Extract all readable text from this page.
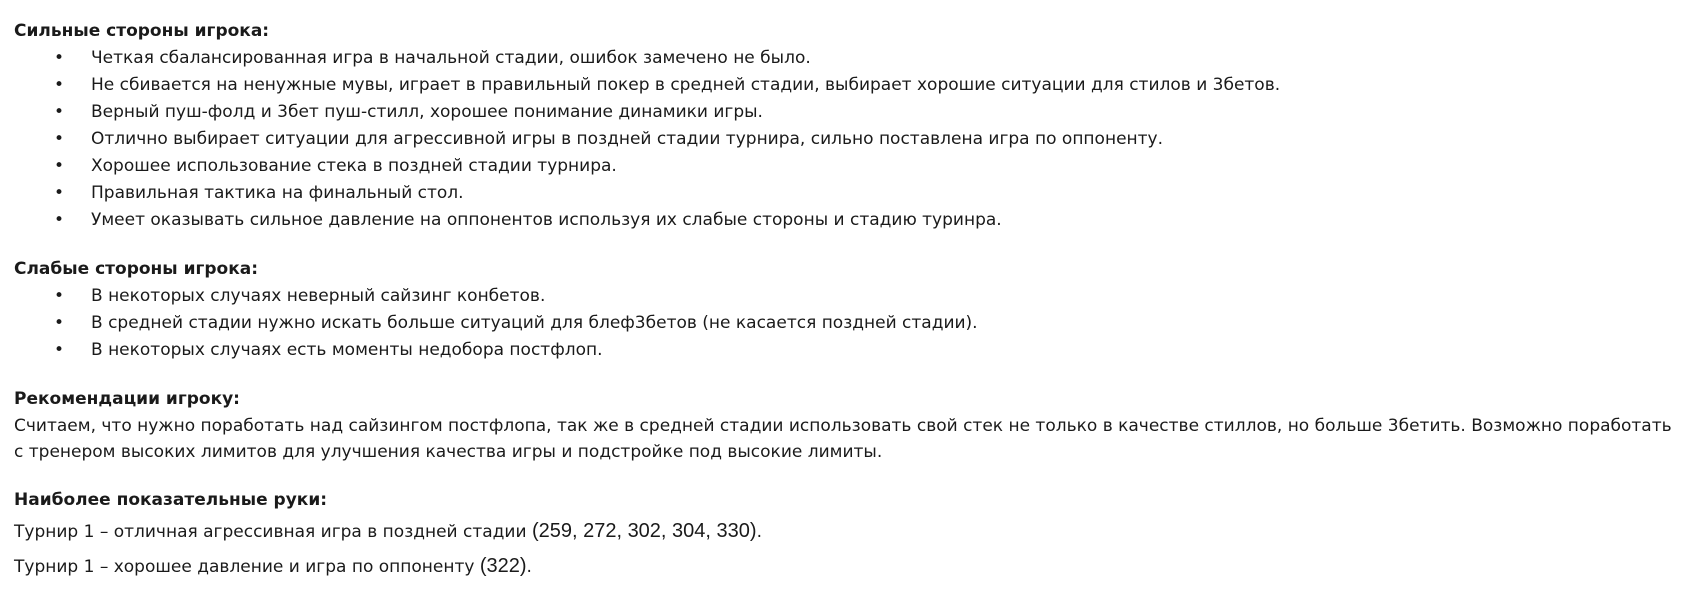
Сильные стороны игрока:

• Четкая сбалансированная игра в начальной стадии, ошибок замечено не было.
• Не сбивается на ненужные мувы, играет в правильный покер в средней стадии, выбирает хорошие ситуации для стилов и 3бетов.
• Верный пуш-фолд и 3бет пуш-стилл, хорошее понимание динамики игры.
• Отлично выбирает ситуации для агрессивной игры в поздней стадии турнира, сильно поставлена игра по оппоненту.
• Хорошее использование стека в поздней стадии турнира.
• Правильная тактика на финальный стол.
• Умеет оказывать сильное давление на оппонентов используя их слабые стороны и стадию туринра.

Слабые стороны игрока:

• В некоторых случаях неверный сайзинг конбетов.
• В средней стадии нужно искать больше ситуаций для блеф3бетов (не касается поздней стадии).
• В некоторых случаях есть моменты недобора постфлоп.

Рекомендации игроку:

Считаем, что нужно поработать над сайзингом постфлопа, так же в средней стадии использовать свой стек не только в качестве стиллов, но больше 3бетить. Возможно поработать с тренером высоких лимитов для улучшения качества игры и подстройке под высокие лимиты.

Наиболее показательные руки:

Турнир 1 – отличная агрессивная игра в поздней стадии (259, 272, 302, 304, 330).

Турнир 1 – хорошее давление и игра по оппоненту (322).
